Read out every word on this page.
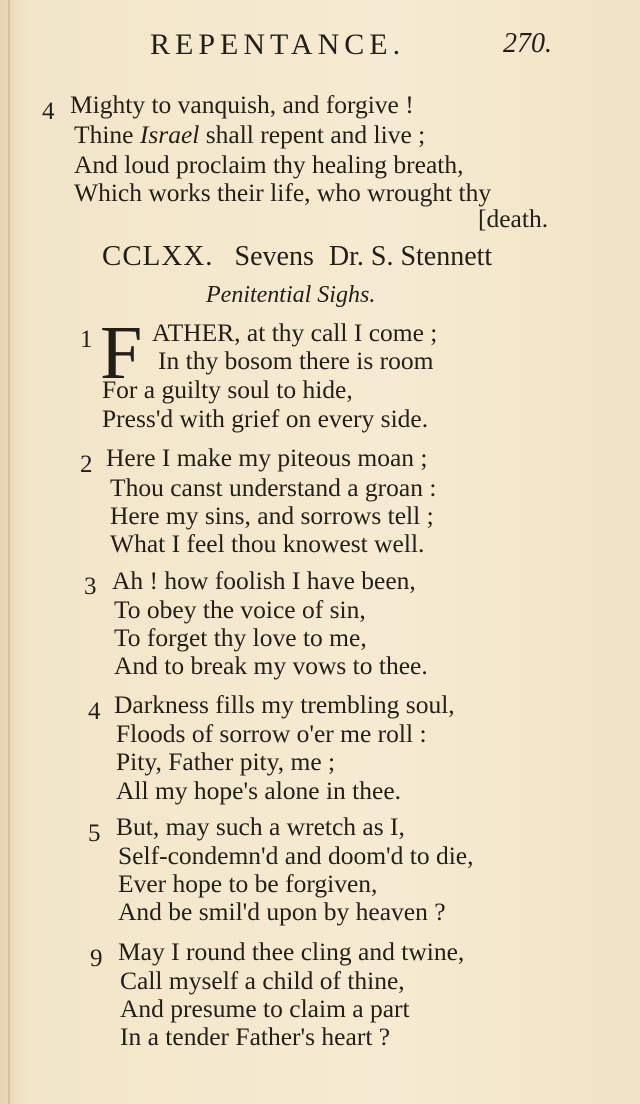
REPENTANCE.	270.
4 Mighty to vanquish, and forgive !
Thine Israel shall repent and live ;
And loud proclaim thy healing breath,
Which works their life, who wrought thy
[death.
CCLXX. Sevens Dr. S. Stennett
Penitential Sighs.
1 F ATHER, at thy call I come ;
In thy bosom there is room
For a guilty soul to hide,
Press'd with grief on every side.
2 Here I make my piteous moan ;
Thou canst understand a groan :
Here my sins, and sorrows tell ;
What I feel thou knowest well.
3 Ah ! how foolish I have been,
To obey the voice of sin,
To forget thy love to me,
And to break my vows to thee.
4 Darkness fills my trembling soul,
Floods of sorrow o'er me roll :
Pity, Father pity, me ;
All my hope's alone in thee.
5 But, may such a wretch as I,
Self-condemn'd and doom'd to die,
Ever hope to be forgiven,
And be smil'd upon by heaven ?
9 May I round thee cling and twine,
Call myself a child of thine,
And presume to claim a part
In a tender Father's heart ?
